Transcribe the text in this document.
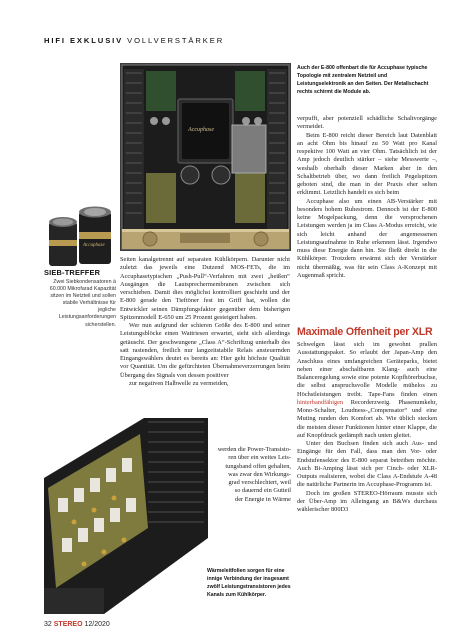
HIFI EXKLUSIV VOLLVERSTÄRKER
Accuphase
Auch der E-800 offenbart die für Accuphase typische Topologie mit zentralem Netzteil und Leistungselektronik an den Seiten. Der Metallschacht rechts schirmt die Module ab.
Accuphase
SIEB-TREFFER
Zwei Siebkondensatoren à 60.000 Mikrofarad Kapazität sitzen im Netzteil und sollen stabile Verhältnisse für jegliche Leistungsanforderungen sicherstellen.

verpufft, aber potenziell schädliche Schaltvorgänge vermeidet.

Beim E-800 reicht dieser Bereich laut Datenblatt an acht Ohm bis hinauf zu 50 Watt pro Kanal respektive 100 Watt an vier Ohm. Tatsächlich ist der Amp jedoch deutlich stärker – siehe Messwerte –, weshalb oberhalb dieser Marken aber in den Schaltbetrieb über, wo dann freilich Pegelspitzen geboten sind, die man in der Praxis eher selten erklimmt. Letztlich handelt es sich beim

Accuphase also um einen AB-Verstärker mit besonders hohem Ruhestrom. Dennoch ist der E-800 keine Mogelpackung, denn die versprochenen Leistungen werden ja im Class A-Modus erreicht, wie sich leicht anhand der angemessenen Leistungsaufnahme in Ruhe erkennen lässt. Irgendwo muss diese Energie dann hin. Sie fließt direkt in die Kühlkörper. Trotzdem erwärmt sich der Verstärker nicht übermäßig, was für sein Class A-Konzept mit Augenmaß spricht.

Maximale Offenheit per XLR

Schwelgen lässt sich im gewohnt prallen Ausstattungspaket. So erlaubt der Japan-Amp den Anschluss eines umfangreichen Geräteparks, bietet neben einer abschaltbaren Klang- auch eine Balanceregelung sowie eine potente Kopfhörerbuchse, die selbst anspruchsvolle Modelle mühelos zu Höchstleistungen treibt. Tape-Fans finden einen hinterbandfähigen Recorderzweig. Phasenumkehr, Mono-Schalter, Loudness-„Compensator“ und eine Muting runden den Komfort ab. Wie üblich stecken die meisten dieser Funktionen hinter einer Klappe, die auf Knopfdruck gedämpft nach unten gleitet.

Unter den Buchsen finden sich auch Aus- und Eingänge für den Fall, dass man den Vor- oder Endstufensektor des E-800 separat betreiben möchte. Auch Bi-Amping lässt sich per Cinch- oder XLR-Outputs realisieren, wobei die Class A-Endstufe A-48 die natürliche Partnerin im Accuphase-Programm ist.

Doch im großen STEREO-Hörraum musste sich der Über-Amp im Alleingang an B&Ws durchaus wählerischer 800D3

Seiten kanalgetrennt auf separaten Kühlkörpern. Darunter nicht zuletzt das jeweils eine Dutzend MOS-FETs, die im Accuphasetypischen „Push-Pull“-Verfahren mit zwei „heißen“ Ausgängen die Lautsprechermembranen zwischen sich verschieben. Damit dies möglichst kontrolliert geschieht und der E-800 gerade den Tieftöner fest im Griff hat, wollen die Entwickler seinen Dämpfungsfaktor gegenüber dem bisherigen Spitzenmodell E-650 um 25 Prozent gesteigert haben.

Wer nun aufgrund der schieren Größe des E-800 und seiner Leistungsblöcke einen Wattriesen erwartet, sieht sich allerdings getäuscht. Der geschwungene „Class A“-Schriftzug unterhalb des satt rastenden, freilich nur langzeitstabile Relais ansteuernden Eingangswählers deutet es bereits an: Hier geht höchste Qualität vor Quantität. Um die gefürchteten Übernahmeverzerrungen beim Übergang des Signals von dessen positiver

zur negativen Halbwelle zu vermeiden,

werden die Power-Transisto-
ren über ein weites Leis-
tungsband offen gehalten,
was zwar den Wirkungs-
grad verschlechtert, weil
so dauernd ein Gutteil
der Energie in Wärme
Wärmeleitfolien sorgen für eine innige Verbindung der insgesamt zwölf Leistungstransistoren jedes Kanals zum Kühlkörper.
32 STEREO 12/2020
